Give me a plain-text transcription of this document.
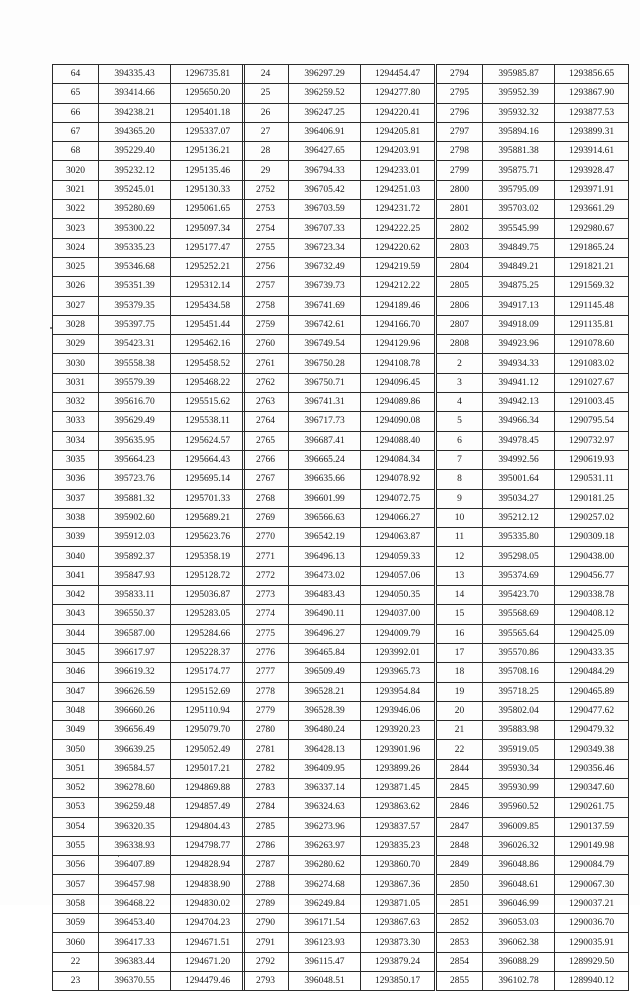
64	394335.43	1296735.81
65	393414.66	1295650.20
66	394238.21	1295401.18
67	394365.20	1295337.07
68	395229.40	1295136.21
3020	395232.12	1295135.46
3021	395245.01	1295130.33
3022	395280.69	1295061.65
3023	395300.22	1295097.34
3024	395335.23	1295177.47
3025	395346.68	1295252.21
3026	395351.39	1295312.14
3027	395379.35	1295434.58
3028	395397.75	1295451.44
3029	395423.31	1295462.16
3030	395558.38	1295458.52
3031	395579.39	1295468.22
3032	395616.70	1295515.62
3033	395629.49	1295538.11
3034	395635.95	1295624.57
3035	395664.23	1295664.43
3036	395723.76	1295695.14
3037	395881.32	1295701.33
3038	395902.60	1295689.21
3039	395912.03	1295623.76
3040	395892.37	1295358.19
3041	395847.93	1295128.72
3042	395833.11	1295036.87
3043	396550.37	1295283.05
3044	396587.00	1295284.66
3045	396617.97	1295228.37
3046	396619.32	1295174.77
3047	396626.59	1295152.69
3048	396660.26	1295110.94
3049	396656.49	1295079.70
3050	396639.25	1295052.49
3051	396584.57	1295017.21
3052	396278.60	1294869.88
3053	396259.48	1294857.49
3054	396320.35	1294804.43
3055	396338.93	1294798.77
3056	396407.89	1294828.94
3057	396457.98	1294838.90
3058	396468.22	1294830.02
3059	396453.40	1294704.23
3060	396417.33	1294671.51
22	396383.44	1294671.20
23	396370.55	1294479.46
24	396297.29	1294454.47
25	396259.52	1294277.80
26	396247.25	1294220.41
27	396406.91	1294205.81
28	396427.65	1294203.91
29	396794.33	1294233.01
2752	396705.42	1294251.03
2753	396703.59	1294231.72
2754	396707.33	1294222.25
2755	396723.34	1294220.62
2756	396732.49	1294219.59
2757	396739.73	1294212.22
2758	396741.69	1294189.46
2759	396742.61	1294166.70
2760	396749.54	1294129.96
2761	396750.28	1294108.78
2762	396750.71	1294096.45
2763	396741.31	1294089.86
2764	396717.73	1294090.08
2765	396687.41	1294088.40
2766	396665.24	1294084.34
2767	396635.66	1294078.92
2768	396601.99	1294072.75
2769	396566.63	1294066.27
2770	396542.19	1294063.87
2771	396496.13	1294059.33
2772	396473.02	1294057.06
2773	396483.43	1294050.35
2774	396490.11	1294037.00
2775	396496.27	1294009.79
2776	396465.84	1293992.01
2777	396509.49	1293965.73
2778	396528.21	1293954.84
2779	396528.39	1293946.06
2780	396480.24	1293920.23
2781	396428.13	1293901.96
2782	396409.95	1293899.26
2783	396337.14	1293871.45
2784	396324.63	1293863.62
2785	396273.96	1293837.57
2786	396263.97	1293835.23
2787	396280.62	1293860.70
2788	396274.68	1293867.36
2789	396249.84	1293871.05
2790	396171.54	1293867.63
2791	396123.93	1293873.30
2792	396115.47	1293879.24
2793	396048.51	1293850.17
2794	395985.87	1293856.65
2795	395952.39	1293867.90
2796	395932.32	1293877.53
2797	395894.16	1293899.31
2798	395881.38	1293914.61
2799	395875.71	1293928.47
2800	395795.09	1293971.91
2801	395703.02	1293661.29
2802	395545.99	1292980.67
2803	394849.75	1291865.24
2804	394849.21	1291821.21
2805	394875.25	1291569.32
2806	394917.13	1291145.48
2807	394918.09	1291135.81
2808	394923.96	1291078.60
2	394934.33	1291083.02
3	394941.12	1291027.67
4	394942.13	1291003.45
5	394966.34	1290795.54
6	394978.45	1290732.97
7	394992.56	1290619.93
8	395001.64	1290531.11
9	395034.27	1290181.25
10	395212.12	1290257.02
11	395335.80	1290309.18
12	395298.05	1290438.00
13	395374.69	1290456.77
14	395423.70	1290338.78
15	395568.69	1290408.12
16	395565.64	1290425.09
17	395570.86	1290433.35
18	395708.16	1290484.29
19	395718.25	1290465.89
20	395802.04	1290477.62
21	395883.98	1290479.32
22	395919.05	1290349.38
2844	395930.34	1290356.46
2845	395930.99	1290347.60
2846	395960.52	1290261.75
2847	396009.85	1290137.59
2848	396026.32	1290149.98
2849	396048.86	1290084.79
2850	396048.61	1290067.30
2851	396046.99	1290037.21
2852	396053.03	1290036.70
2853	396062.38	1290035.91
2854	396088.29	1289929.50
2855	396102.78	1289940.12
